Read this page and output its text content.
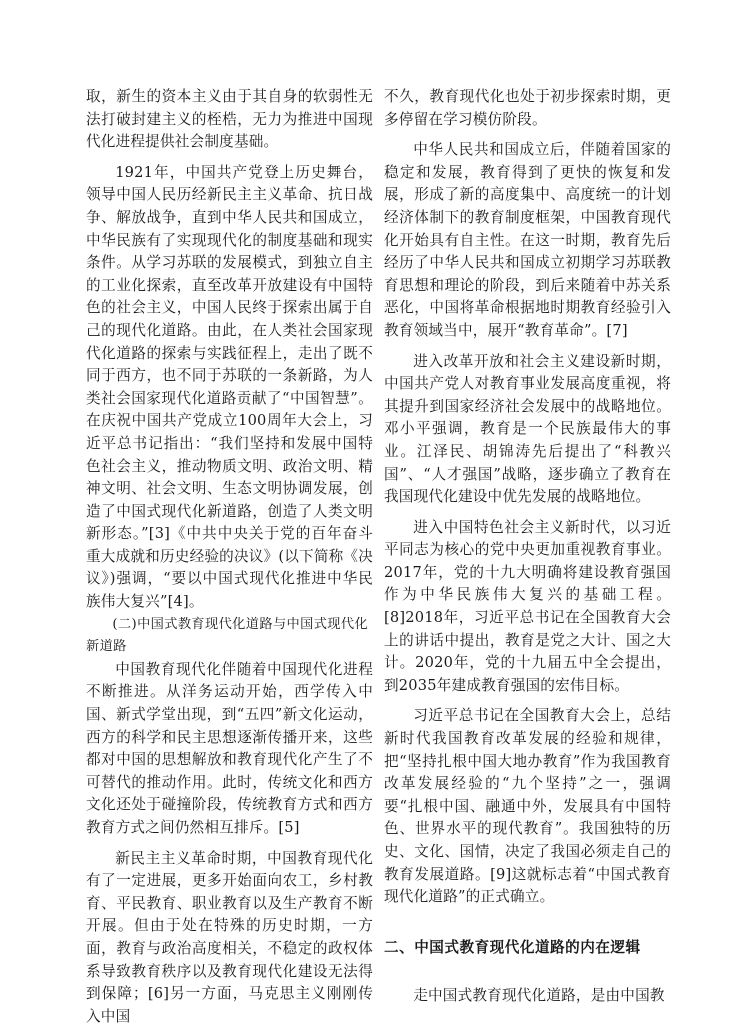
取，新生的资本主义由于其自身的软弱性无法打破封建主义的桎梏，无力为推进中国现代化进程提供社会制度基础。

1921年，中国共产党登上历史舞台，领导中国人民历经新民主主义革命、抗日战争、解放战争，直到中华人民共和国成立，中华民族有了实现现代化的制度基础和现实条件。从学习苏联的发展模式，到独立自主的工业化探索，直至改革开放建设有中国特色的社会主义，中国人民终于探索出属于自己的现代化道路。由此，在人类社会国家现代化道路的探索与实践征程上，走出了既不同于西方，也不同于苏联的一条新路，为人类社会国家现代化道路贡献了“中国智慧”。在庆祝中国共产党成立100周年大会上，习近平总书记指出：“我们坚持和发展中国特色社会主义，推动物质文明、政治文明、精神文明、社会文明、生态文明协调发展，创造了中国式现代化新道路，创造了人类文明新形态。”[3]《中共中央关于党的百年奋斗重大成就和历史经验的决议》(以下简称《决议》)强调，“要以中国式现代化推进中华民族伟大复兴”[4]。

(二)中国式教育现代化道路与中国式现代化新道路

中国教育现代化伴随着中国现代化进程不断推进。从洋务运动开始，西学传入中国、新式学堂出现，到“五四”新文化运动，西方的科学和民主思想逐渐传播开来，这些都对中国的思想解放和教育现代化产生了不可替代的推动作用。此时，传统文化和西方文化还处于碰撞阶段，传统教育方式和西方教育方式之间仍然相互排斥。[5]

新民主主义革命时期，中国教育现代化有了一定进展，更多开始面向农工，乡村教育、平民教育、职业教育以及生产教育不断开展。但由于处在特殊的历史时期，一方面，教育与政治高度相关，不稳定的政权体系导致教育秩序以及教育现代化建设无法得到保障；[6]另一方面，马克思主义刚刚传入中国

不久，教育现代化也处于初步探索时期，更多停留在学习模仿阶段。

中华人民共和国成立后，伴随着国家的稳定和发展，教育得到了更快的恢复和发展，形成了新的高度集中、高度统一的计划经济体制下的教育制度框架，中国教育现代化开始具有自主性。在这一时期，教育先后经历了中华人民共和国成立初期学习苏联教育思想和理论的阶段，到后来随着中苏关系恶化，中国将革命根据地时期教育经验引入教育领域当中，展开“教育革命”。[7]

进入改革开放和社会主义建设新时期，中国共产党人对教育事业发展高度重视，将其提升到国家经济社会发展中的战略地位。邓小平强调，教育是一个民族最伟大的事业。江泽民、胡锦涛先后提出了“科教兴国”、“人才强国”战略，逐步确立了教育在我国现代化建设中优先发展的战略地位。

进入中国特色社会主义新时代，以习近平同志为核心的党中央更加重视教育事业。2017年，党的十九大明确将建设教育强国作为中华民族伟大复兴的基础工程。[8]2018年，习近平总书记在全国教育大会上的讲话中提出，教育是党之大计、国之大计。2020年，党的十九届五中全会提出，到2035年建成教育强国的宏伟目标。

习近平总书记在全国教育大会上，总结新时代我国教育改革发展的经验和规律，把“坚持扎根中国大地办教育”作为我国教育改革发展经验的“九个坚持”之一，强调要“扎根中国、融通中外，发展具有中国特色、世界水平的现代教育”。我国独特的历史、文化、国情，决定了我国必须走自己的教育发展道路。[9]这就标志着“中国式教育现代化道路”的正式确立。

二、中国式教育现代化道路的内在逻辑

走中国式教育现代化道路，是由中国教
